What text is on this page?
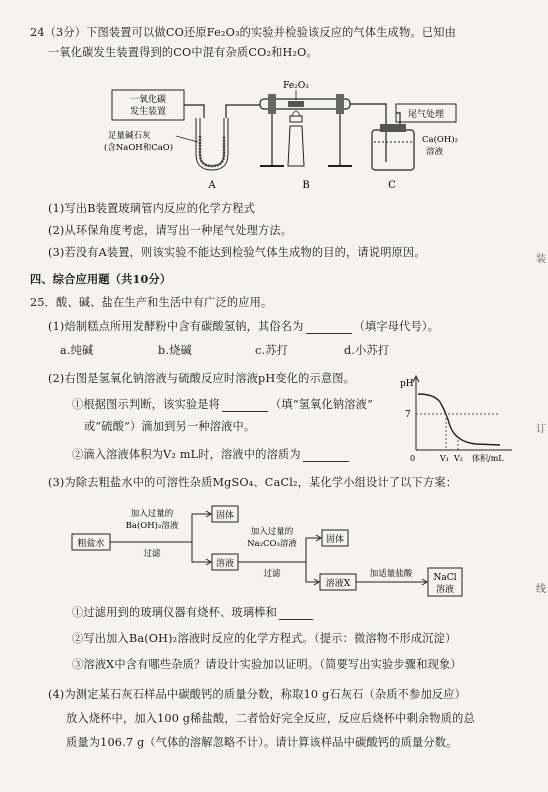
24（3分）下图装置可以做CO还原Fe₂O₃的实验并检验该反应的气体生成物。已知由
一氧化碳发生装置得到的CO中混有杂质CO₂和H₂O。
一氧化碳
发生装置
足量碱石灰
(含NaOH和CaO)
Fe₂O₃
尾气处理
Ca(OH)₂
溶液
A	B	C
(1)写出B装置玻璃管内反应的化学方程式
(2)从环保角度考虑，请写出一种尾气处理方法。
(3)若没有A装置，则该实验不能达到检验气体生成物的目的，请说明原因。
四、综合应用题（共10分）
25．酸、碱、盐在生产和生活中有广泛的应用。
(1)焙制糕点所用发酵粉中含有碳酸氢钠，其俗名为	（填字母代号）。
a.纯碱	b.烧碱	c.苏打	d.小苏打
(2)右图是氢氧化钠溶液与硫酸反应时溶液pH变化的示意图。
①根据图示判断，该实验是将	（填“氢氧化钠溶液”
或“硫酸”）滴加到另一种溶液中。
②滴入溶液体积为V₂ mL时，溶液中的溶质为
pH
7
0	V₁ V₂ 体积/mL
(3)为除去粗盐水中的可溶性杂质MgSO₄、CaCl₂，某化学小组设计了以下方案：
粗盐水
加入过量的
Ba(OH)₂溶液
过滤
固体
溶液
加入过量的
Na₂CO₃溶液
过滤
固体
溶液X
加适量盐酸 NaCl
溶液
①过滤用到的玻璃仪器有烧杯、玻璃棒和
②写出加入Ba(OH)₂溶液时反应的化学方程式。（提示：微溶物不形成沉淀）
③溶液X中含有哪些杂质？请设计实验加以证明。（简要写出实验步骤和现象）
(4)为测定某石灰石样品中碳酸钙的质量分数，称取10 g石灰石（杂质不参加反应）
放入烧杯中，加入100 g稀盐酸，二者恰好完全反应，反应后烧杯中剩余物质的总
质量为106.7 g（气体的溶解忽略不计）。请计算该样品中碳酸钙的质量分数。
装
订
线
